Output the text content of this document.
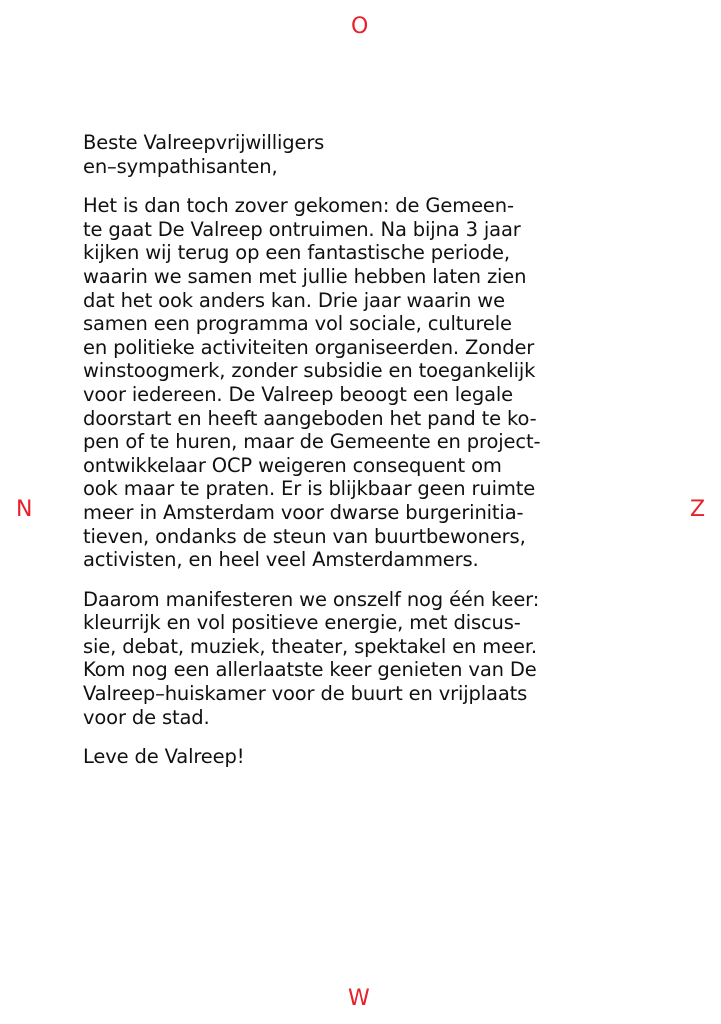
O
N	Z
W

Beste Valreepvrijwilligers
en–sympathisanten,

Het is dan toch zover gekomen: de Gemeen-
te gaat De Valreep ontruimen. Na bijna 3 jaar
kijken wij terug op een fantastische periode,
waarin we samen met jullie hebben laten zien
dat het ook anders kan. Drie jaar waarin we
samen een programma vol sociale, culturele
en politieke activiteiten organiseerden. Zonder
winstoogmerk, zonder subsidie en toegankelijk
voor iedereen. De Valreep beoogt een legale
doorstart en heeft aangeboden het pand te ko-
pen of te huren, maar de Gemeente en project-
ontwikkelaar OCP weigeren consequent om
ook maar te praten. Er is blijkbaar geen ruimte
meer in Amsterdam voor dwarse burgerinitia-
tieven, ondanks de steun van buurtbewoners,
activisten, en heel veel Amsterdammers.

Daarom manifesteren we onszelf nog één keer:
kleurrijk en vol positieve energie, met discus-
sie, debat, muziek, theater, spektakel en meer.
Kom nog een allerlaatste keer genieten van De
Valreep–huiskamer voor de buurt en vrijplaats
voor de stad.

Leve de Valreep!
